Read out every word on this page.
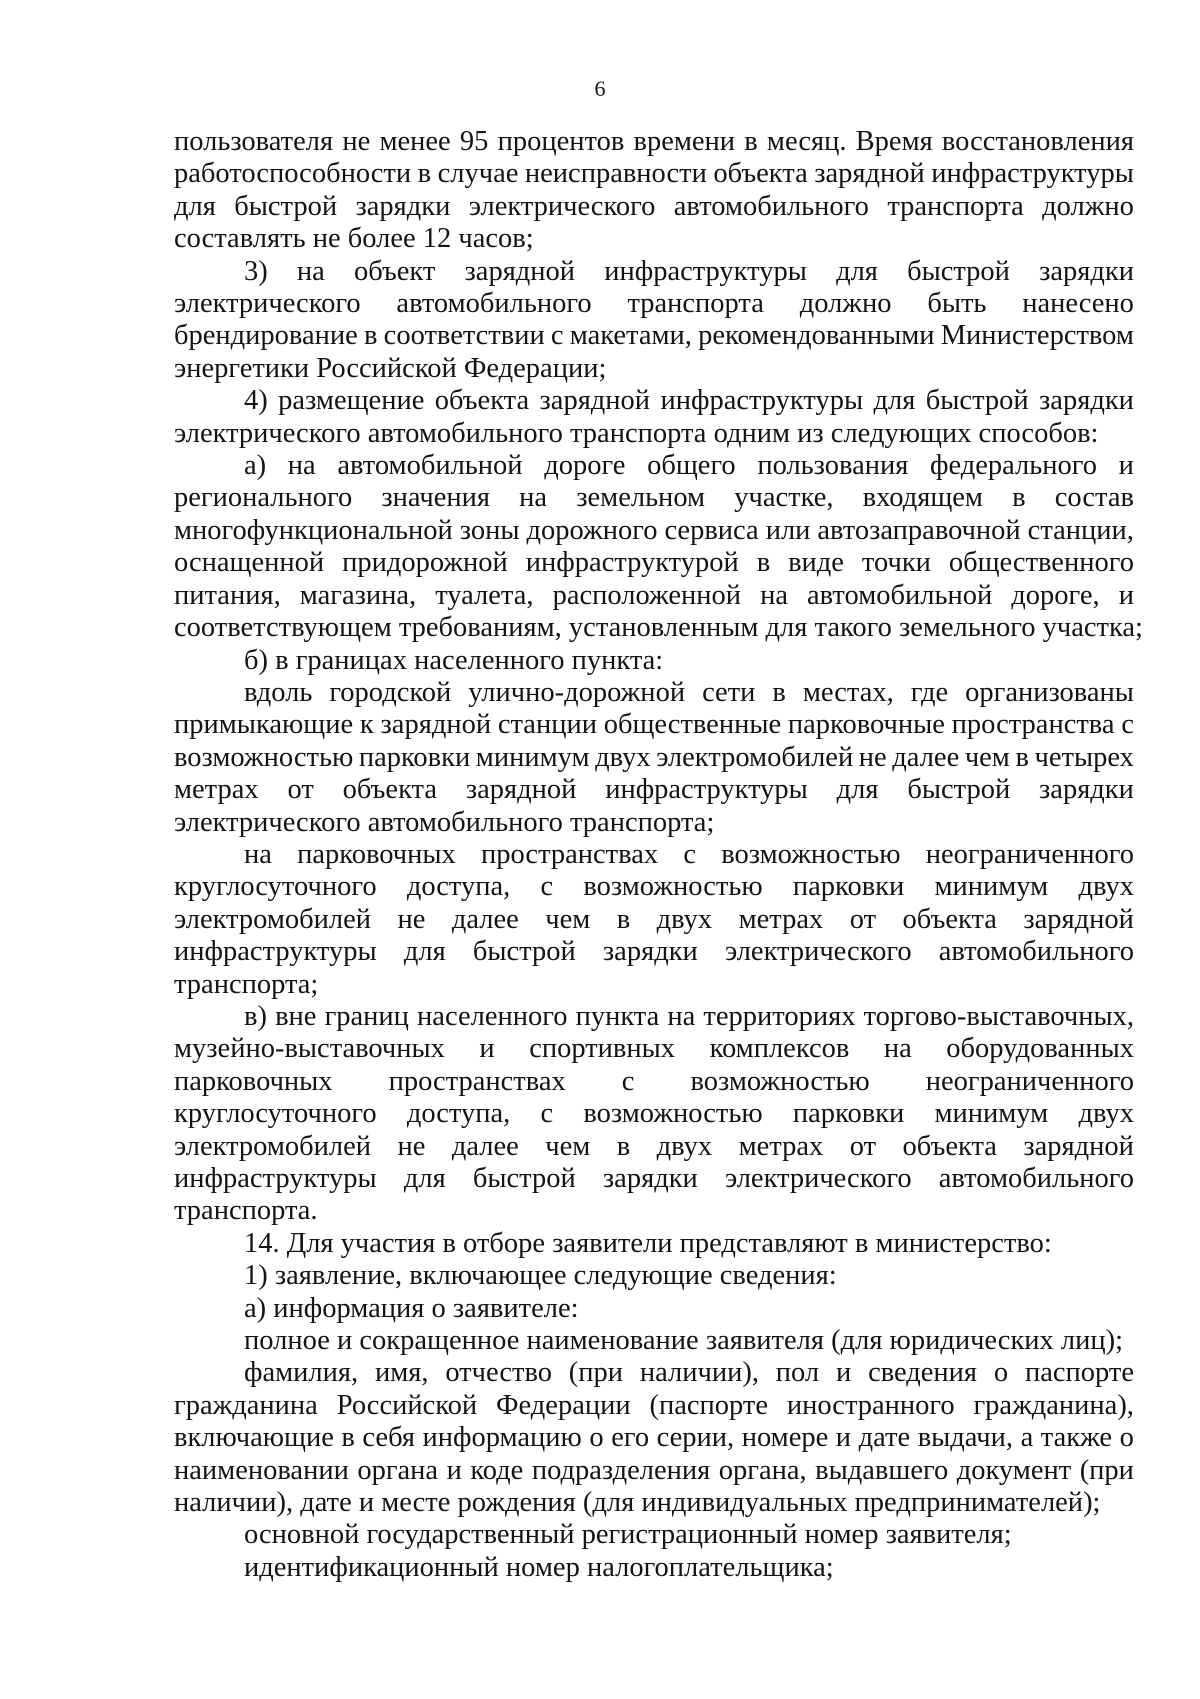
6
пользователя не менее 95 процентов времени в месяц. Время восстановления
работоспособности в случае неисправности объекта зарядной инфраструктуры
для быстрой зарядки электрического автомобильного транспорта должно
составлять не более 12 часов;
3) на объект зарядной инфраструктуры для быстрой зарядки
электрического автомобильного транспорта должно быть нанесено
брендирование в соответствии с макетами, рекомендованными Министерством
энергетики Российской Федерации;
4) размещение объекта зарядной инфраструктуры для быстрой зарядки
электрического автомобильного транспорта одним из следующих способов:
а) на автомобильной дороге общего пользования федерального и
регионального значения на земельном участке, входящем в состав
многофункциональной зоны дорожного сервиса или автозаправочной станции,
оснащенной придорожной инфраструктурой в виде точки общественного
питания, магазина, туалета, расположенной на автомобильной дороге, и
соответствующем требованиям, установленным для такого земельного участка;
б) в границах населенного пункта:
вдоль городской улично-дорожной сети в местах, где организованы
примыкающие к зарядной станции общественные парковочные пространства с
возможностью парковки минимум двух электромобилей не далее чем в четырех
метрах от объекта зарядной инфраструктуры для быстрой зарядки
электрического автомобильного транспорта;
на парковочных пространствах с возможностью неограниченного
круглосуточного доступа, с возможностью парковки минимум двух
электромобилей не далее чем в двух метрах от объекта зарядной
инфраструктуры для быстрой зарядки электрического автомобильного
транспорта;
в) вне границ населенного пункта на территориях торгово-выставочных,
музейно-выставочных и спортивных комплексов на оборудованных
парковочных пространствах с возможностью неограниченного
круглосуточного доступа, с возможностью парковки минимум двух
электромобилей не далее чем в двух метрах от объекта зарядной
инфраструктуры для быстрой зарядки электрического автомобильного
транспорта.
14. Для участия в отборе заявители представляют в министерство:
1) заявление, включающее следующие сведения:
а) информация о заявителе:
полное и сокращенное наименование заявителя (для юридических лиц);
фамилия, имя, отчество (при наличии), пол и сведения о паспорте
гражданина Российской Федерации (паспорте иностранного гражданина),
включающие в себя информацию о его серии, номере и дате выдачи, а также о
наименовании органа и коде подразделения органа, выдавшего документ (при
наличии), дате и месте рождения (для индивидуальных предпринимателей);
основной государственный регистрационный номер заявителя;
идентификационный номер налогоплательщика;
